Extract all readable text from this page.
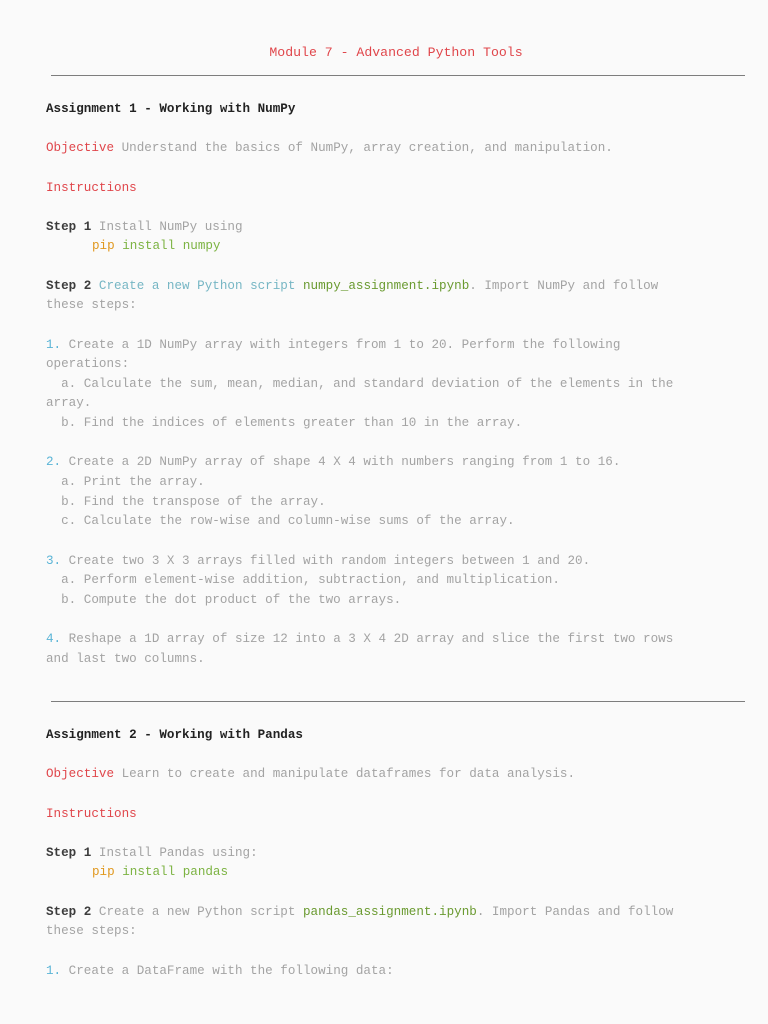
Module 7 - Advanced Python Tools
Assignment 1 - Working with NumPy
Objective Understand the basics of NumPy, array creation, and manipulation.
Instructions
Step 1 Install NumPy using
pip install numpy
Step 2 Create a new Python script numpy_assignment.ipynb. Import NumPy and follow
these steps:
1. Create a 1D NumPy array with integers from 1 to 20. Perform the following
operations:
a. Calculate the sum, mean, median, and standard deviation of the elements in the
array.
b. Find the indices of elements greater than 10 in the array.
2. Create a 2D NumPy array of shape 4 X 4 with numbers ranging from 1 to 16.
a. Print the array.
b. Find the transpose of the array.
c. Calculate the row-wise and column-wise sums of the array.
3. Create two 3 X 3 arrays filled with random integers between 1 and 20.
a. Perform element-wise addition, subtraction, and multiplication.
b. Compute the dot product of the two arrays.
4. Reshape a 1D array of size 12 into a 3 X 4 2D array and slice the first two rows
and last two columns.
Assignment 2 - Working with Pandas
Objective Learn to create and manipulate dataframes for data analysis.
Instructions
Step 1 Install Pandas using:
pip install pandas
Step 2 Create a new Python script pandas_assignment.ipynb. Import Pandas and follow
these steps:
1. Create a DataFrame with the following data:
